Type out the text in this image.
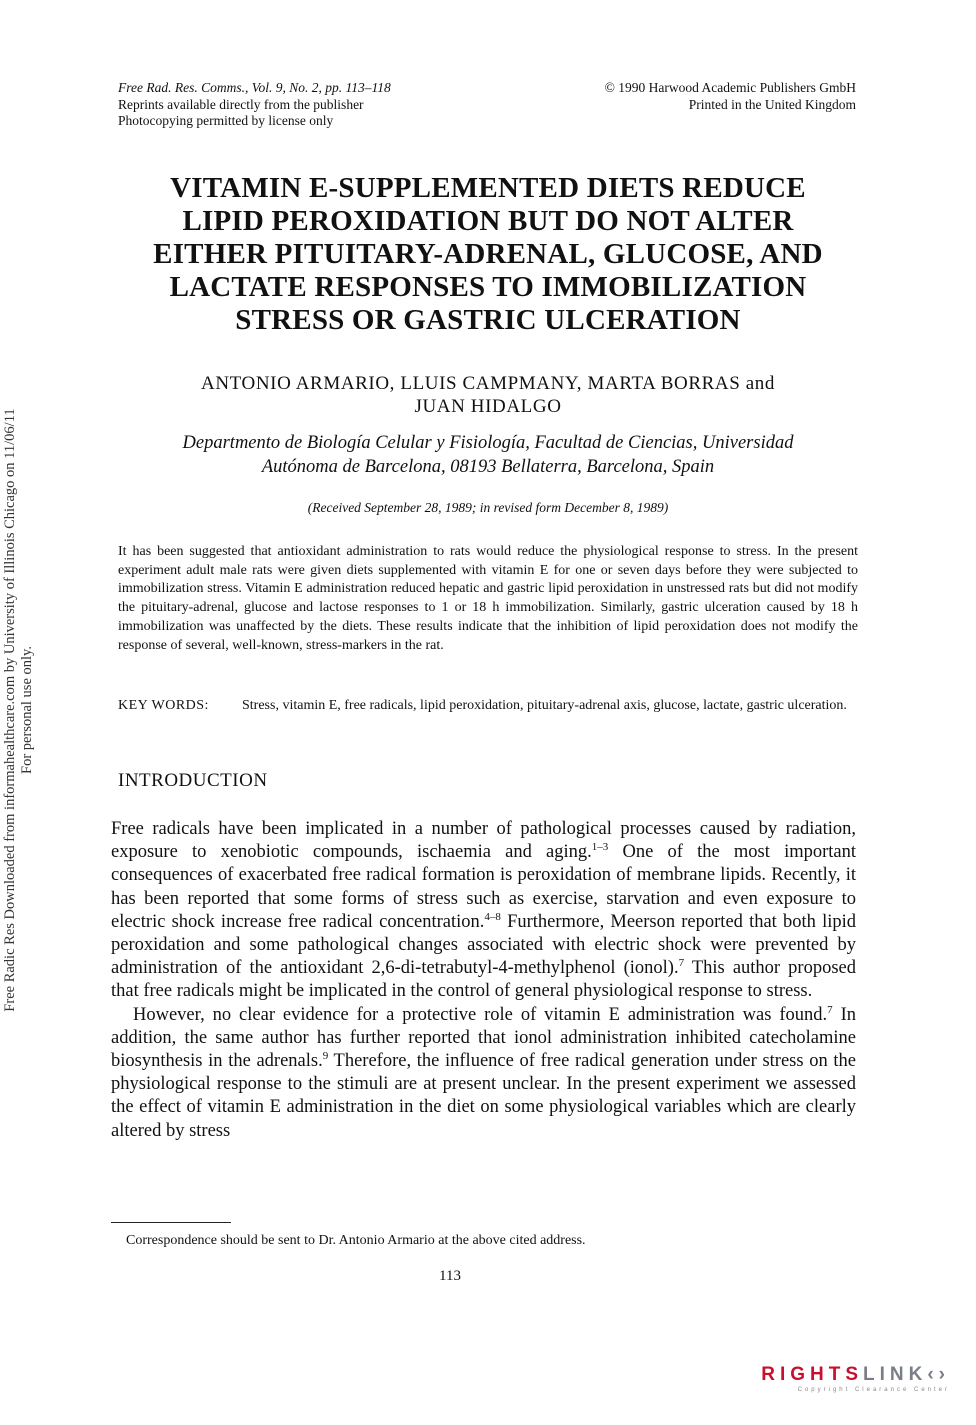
Free Rad. Res. Comms., Vol. 9, No. 2, pp. 113–118
Reprints available directly from the publisher
Photocopying permitted by license only
© 1990 Harwood Academic Publishers GmbH
Printed in the United Kingdom
VITAMIN E-SUPPLEMENTED DIETS REDUCE
LIPID PEROXIDATION BUT DO NOT ALTER
EITHER PITUITARY-ADRENAL, GLUCOSE, AND
LACTATE RESPONSES TO IMMOBILIZATION
STRESS OR GASTRIC ULCERATION
ANTONIO ARMARIO, LLUIS CAMPMANY, MARTA BORRAS and
JUAN HIDALGO
Departmento de Biología Celular y Fisiología, Facultad de Ciencias, Universidad
Autónoma de Barcelona, 08193 Bellaterra, Barcelona, Spain
(Received September 28, 1989; in revised form December 8, 1989)
It has been suggested that antioxidant administration to rats would reduce the physiological response to stress. In the present experiment adult male rats were given diets supplemented with vitamin E for one or seven days before they were subjected to immobilization stress. Vitamin E administration reduced hepatic and gastric lipid peroxidation in unstressed rats but did not modify the pituitary-adrenal, glucose and lactose responses to 1 or 18 h immobilization. Similarly, gastric ulceration caused by 18 h immobilization was unaffected by the diets. These results indicate that the inhibition of lipid peroxidation does not modify the response of several, well-known, stress-markers in the rat.
KEY WORDS:	Stress, vitamin E, free radicals, lipid peroxidation, pituitary-adrenal axis, glucose, lactate, gastric ulceration.
INTRODUCTION

Free radicals have been implicated in a number of pathological processes caused by radiation, exposure to xenobiotic compounds, ischaemia and aging.$^{1-3}$ One of the most important consequences of exacerbated free radical formation is peroxidation of membrane lipids. Recently, it has been reported that some forms of stress such as exercise, starvation and even exposure to electric shock increase free radical concentration.$^{4-8}$ Furthermore, Meerson reported that both lipid peroxidation and some pathological changes associated with electric shock were prevented by administration of the antioxidant 2,6-di-tetrabutyl-4-methylphenol (ionol).$^7$ This author proposed that free radicals might be implicated in the control of general physiological response to stress.

However, no clear evidence for a protective role of vitamin E administration was found.$^7$ In addition, the same author has further reported that ionol administration inhibited catecholamine biosynthesis in the adrenals.$^9$ Therefore, the influence of free radical generation under stress on the physiological response to the stimuli are at present unclear. In the present experiment we assessed the effect of vitamin E administration in the diet on some physiological variables which are clearly altered by stress

Correspondence should be sent to Dr. Antonio Armario at the above cited address.
113
Free Radic Res Downloaded from informahealthcare.com by University of Illinois Chicago on 11/06/11 For personal use only.
RIGHTSLINK‹›
Copyright Clearance Center
